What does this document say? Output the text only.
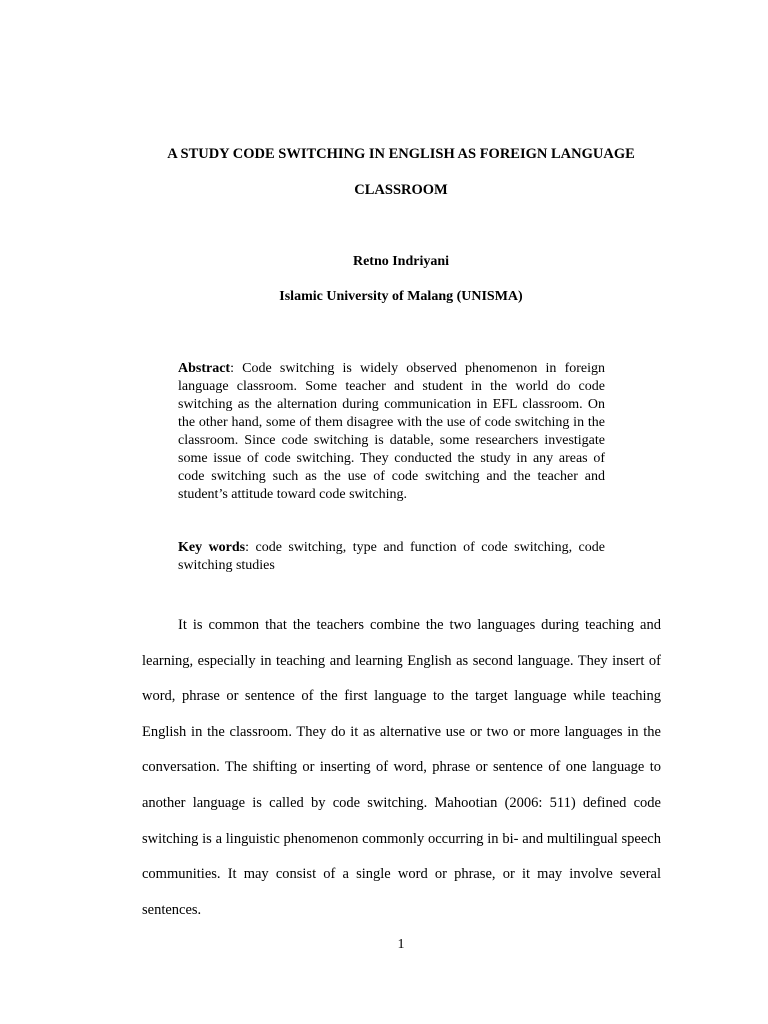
A STUDY CODE SWITCHING IN ENGLISH AS FOREIGN LANGUAGE

CLASSROOM

Retno Indriyani

Islamic University of Malang (UNISMA)

Abstract: Code switching is widely observed phenomenon in foreign language classroom. Some teacher and student in the world do code switching as the alternation during communication in EFL classroom. On the other hand, some of them disagree with the use of code switching in the classroom. Since code switching is datable, some researchers investigate some issue of code switching. They conducted the study in any areas of code switching such as the use of code switching and the teacher and student’s attitude toward code switching.

Key words: code switching, type and function of code switching, code switching studies

It is common that the teachers combine the two languages during teaching and learning, especially in teaching and learning English as second language. They insert of word, phrase or sentence of the first language to the target language while teaching English in the classroom. They do it as alternative use or two or more languages in the conversation. The shifting or inserting of word, phrase or sentence of one language to another language is called by code switching. Mahootian (2006: 511) defined code switching is a linguistic phenomenon commonly occurring in bi- and multilingual speech communities. It may consist of a single word or phrase, or it may involve several sentences.

1
